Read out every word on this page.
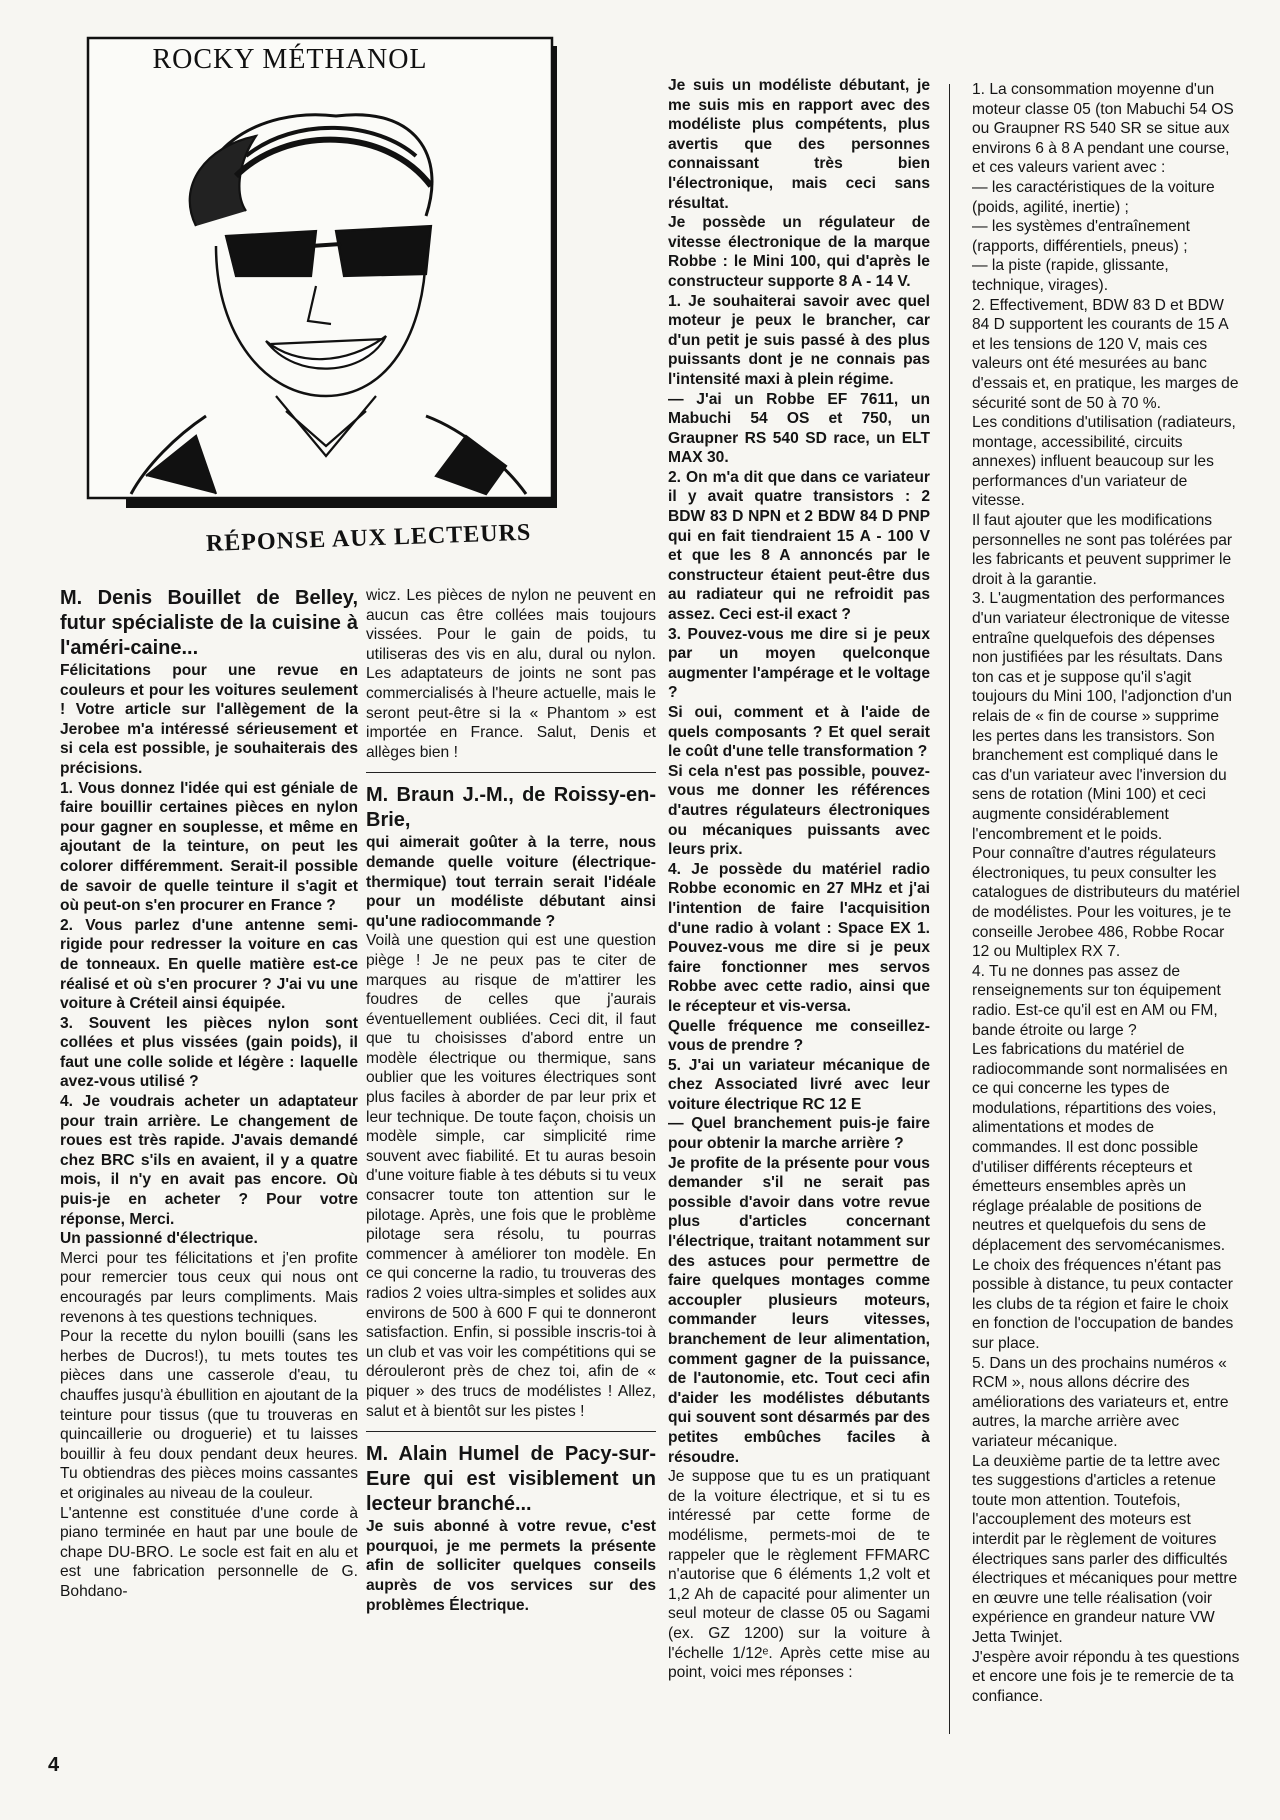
ROCKY MÉTHANOL
RÉPONSE AUX LECTEURS

M. Denis Bouillet de Belley, futur spécialiste de la cuisine à l'améri-caine...

Félicitations pour une revue en couleurs et pour les voitures seulement ! Votre article sur l'allègement de la Jerobee m'a intéressé sérieusement et si cela est possible, je souhaiterais des précisions.

1. Vous donnez l'idée qui est géniale de faire bouillir certaines pièces en nylon pour gagner en souplesse, et même en ajoutant de la teinture, on peut les colorer différemment. Serait-il possible de savoir de quelle teinture il s'agit et où peut-on s'en procurer en France ?

2. Vous parlez d'une antenne semi-rigide pour redresser la voiture en cas de tonneaux. En quelle matière est-ce réalisé et où s'en procurer ? J'ai vu une voiture à Créteil ainsi équipée.

3. Souvent les pièces nylon sont collées et plus vissées (gain poids), il faut une colle solide et légère : laquelle avez-vous utilisé ?

4. Je voudrais acheter un adaptateur pour train arrière. Le changement de roues est très rapide. J'avais demandé chez BRC s'ils en avaient, il y a quatre mois, il n'y en avait pas encore. Où puis-je en acheter ? Pour votre réponse, Merci.

Un passionné d'électrique.

Merci pour tes félicitations et j'en profite pour remercier tous ceux qui nous ont encouragés par leurs compliments. Mais revenons à tes questions techniques.

Pour la recette du nylon bouilli (sans les herbes de Ducros!), tu mets toutes tes pièces dans une casserole d'eau, tu chauffes jusqu'à ébullition en ajoutant de la teinture pour tissus (que tu trouveras en quincaillerie ou droguerie) et tu laisses bouillir à feu doux pendant deux heures. Tu obtiendras des pièces moins cassantes et originales au niveau de la couleur.

L'antenne est constituée d'une corde à piano terminée en haut par une boule de chape DU-BRO. Le socle est fait en alu et est une fabrication personnelle de G. Bohdano-

wicz. Les pièces de nylon ne peuvent en aucun cas être collées mais toujours vissées. Pour le gain de poids, tu utiliseras des vis en alu, dural ou nylon. Les adaptateurs de joints ne sont pas commercialisés à l'heure actuelle, mais le seront peut-être si la « Phantom » est importée en France. Salut, Denis et allèges bien !

M. Braun J.-M., de Roissy-en-Brie,

qui aimerait goûter à la terre, nous demande quelle voiture (électrique-thermique) tout terrain serait l'idéale pour un modéliste débutant ainsi qu'une radiocommande ?

Voilà une question qui est une question piège ! Je ne peux pas te citer de marques au risque de m'attirer les foudres de celles que j'aurais éventuellement oubliées. Ceci dit, il faut que tu choisisses d'abord entre un modèle électrique ou thermique, sans oublier que les voitures électriques sont plus faciles à aborder de par leur prix et leur technique. De toute façon, choisis un modèle simple, car simplicité rime souvent avec fiabilité. Et tu auras besoin d'une voiture fiable à tes débuts si tu veux consacrer toute ton attention sur le pilotage. Après, une fois que le problème pilotage sera résolu, tu pourras commencer à améliorer ton modèle. En ce qui concerne la radio, tu trouveras des radios 2 voies ultra-simples et solides aux environs de 500 à 600 F qui te donneront satisfaction. Enfin, si possible inscris-toi à un club et vas voir les compétitions qui se dérouleront près de chez toi, afin de « piquer » des trucs de modélistes ! Allez, salut et à bientôt sur les pistes !

M. Alain Humel de Pacy-sur-Eure qui est visiblement un lecteur branché...

Je suis abonné à votre revue, c'est pourquoi, je me permets la présente afin de solliciter quelques conseils auprès de vos services sur des problèmes Électrique.

Je suis un modéliste débutant, je me suis mis en rapport avec des modéliste plus compétents, plus avertis que des personnes connaissant très bien l'électronique, mais ceci sans résultat.

Je possède un régulateur de vitesse électronique de la marque Robbe : le Mini 100, qui d'après le constructeur supporte 8 A - 14 V.

1. Je souhaiterai savoir avec quel moteur je peux le brancher, car d'un petit je suis passé à des plus puissants dont je ne connais pas l'intensité maxi à plein régime.

— J'ai un Robbe EF 7611, un Mabuchi 54 OS et 750, un Graupner RS 540 SD race, un ELT MAX 30.

2. On m'a dit que dans ce variateur il y avait quatre transistors : 2 BDW 83 D NPN et 2 BDW 84 D PNP qui en fait tiendraient 15 A - 100 V et que les 8 A annoncés par le constructeur étaient peut-être dus au radiateur qui ne refroidit pas assez. Ceci est-il exact ?

3. Pouvez-vous me dire si je peux par un moyen quelconque augmenter l'ampérage et le voltage ?

Si oui, comment et à l'aide de quels composants ? Et quel serait le coût d'une telle transformation ?

Si cela n'est pas possible, pouvez-vous me donner les références d'autres régulateurs électroniques ou mécaniques puissants avec leurs prix.

4. Je possède du matériel radio Robbe economic en 27 MHz et j'ai l'intention de faire l'acquisition d'une radio à volant : Space EX 1. Pouvez-vous me dire si je peux faire fonctionner mes servos Robbe avec cette radio, ainsi que le récepteur et vis-versa.

Quelle fréquence me conseillez-vous de prendre ?

5. J'ai un variateur mécanique de chez Associated livré avec leur voiture électrique RC 12 E

— Quel branchement puis-je faire pour obtenir la marche arrière ?

Je profite de la présente pour vous demander s'il ne serait pas possible d'avoir dans votre revue plus d'articles concernant l'électrique, traitant notamment sur des astuces pour permettre de faire quelques montages comme accoupler plusieurs moteurs, commander leurs vitesses, branchement de leur alimentation, comment gagner de la puissance, de l'autonomie, etc. Tout ceci afin d'aider les modélistes débutants qui souvent sont désarmés par des petites embûches faciles à résoudre.

Je suppose que tu es un pratiquant de la voiture électrique, et si tu es intéressé par cette forme de modélisme, permets-moi de te rappeler que le règlement FFMARC n'autorise que 6 éléments 1,2 volt et 1,2 Ah de capacité pour alimenter un seul moteur de classe 05 ou Sagami (ex. GZ 1200) sur la voiture à l'échelle 1/12ᵉ. Après cette mise au point, voici mes réponses :

1. La consommation moyenne d'un moteur classe 05 (ton Mabuchi 54 OS ou Graupner RS 540 SR se situe aux environs 6 à 8 A pendant une course, et ces valeurs varient avec :

— les caractéristiques de la voiture (poids, agilité, inertie) ;

— les systèmes d'entraînement (rapports, différentiels, pneus) ;

— la piste (rapide, glissante, technique, virages).

2. Effectivement, BDW 83 D et BDW 84 D supportent les courants de 15 A et les tensions de 120 V, mais ces valeurs ont été mesurées au banc d'essais et, en pratique, les marges de sécurité sont de 50 à 70 %.

Les conditions d'utilisation (radiateurs, montage, accessibilité, circuits annexes) influent beaucoup sur les performances d'un variateur de vitesse.

Il faut ajouter que les modifications personnelles ne sont pas tolérées par les fabricants et peuvent supprimer le droit à la garantie.

3. L'augmentation des performances d'un variateur électronique de vitesse entraîne quelquefois des dépenses non justifiées par les résultats. Dans ton cas et je suppose qu'il s'agit toujours du Mini 100, l'adjonction d'un relais de « fin de course » supprime les pertes dans les transistors. Son branchement est compliqué dans le cas d'un variateur avec l'inversion du sens de rotation (Mini 100) et ceci augmente considérablement l'encombrement et le poids.

Pour connaître d'autres régulateurs électroniques, tu peux consulter les catalogues de distributeurs du matériel de modélistes. Pour les voitures, je te conseille Jerobee 486, Robbe Rocar 12 ou Multiplex RX 7.

4. Tu ne donnes pas assez de renseignements sur ton équipement radio. Est-ce qu'il est en AM ou FM, bande étroite ou large ?

Les fabrications du matériel de radiocommande sont normalisées en ce qui concerne les types de modulations, répartitions des voies, alimentations et modes de commandes. Il est donc possible d'utiliser différents récepteurs et émetteurs ensembles après un réglage préalable de positions de neutres et quelquefois du sens de déplacement des servomécanismes.

Le choix des fréquences n'étant pas possible à distance, tu peux contacter les clubs de ta région et faire le choix en fonction de l'occupation de bandes sur place.

5. Dans un des prochains numéros « RCM », nous allons décrire des améliorations des variateurs et, entre autres, la marche arrière avec variateur mécanique.

La deuxième partie de ta lettre avec tes suggestions d'articles a retenue toute mon attention. Toutefois, l'accouplement des moteurs est interdit par le règlement de voitures électriques sans parler des difficultés électriques et mécaniques pour mettre en œuvre une telle réalisation (voir expérience en grandeur nature VW Jetta Twinjet.

J'espère avoir répondu à tes questions et encore une fois je te remercie de ta confiance.

4
